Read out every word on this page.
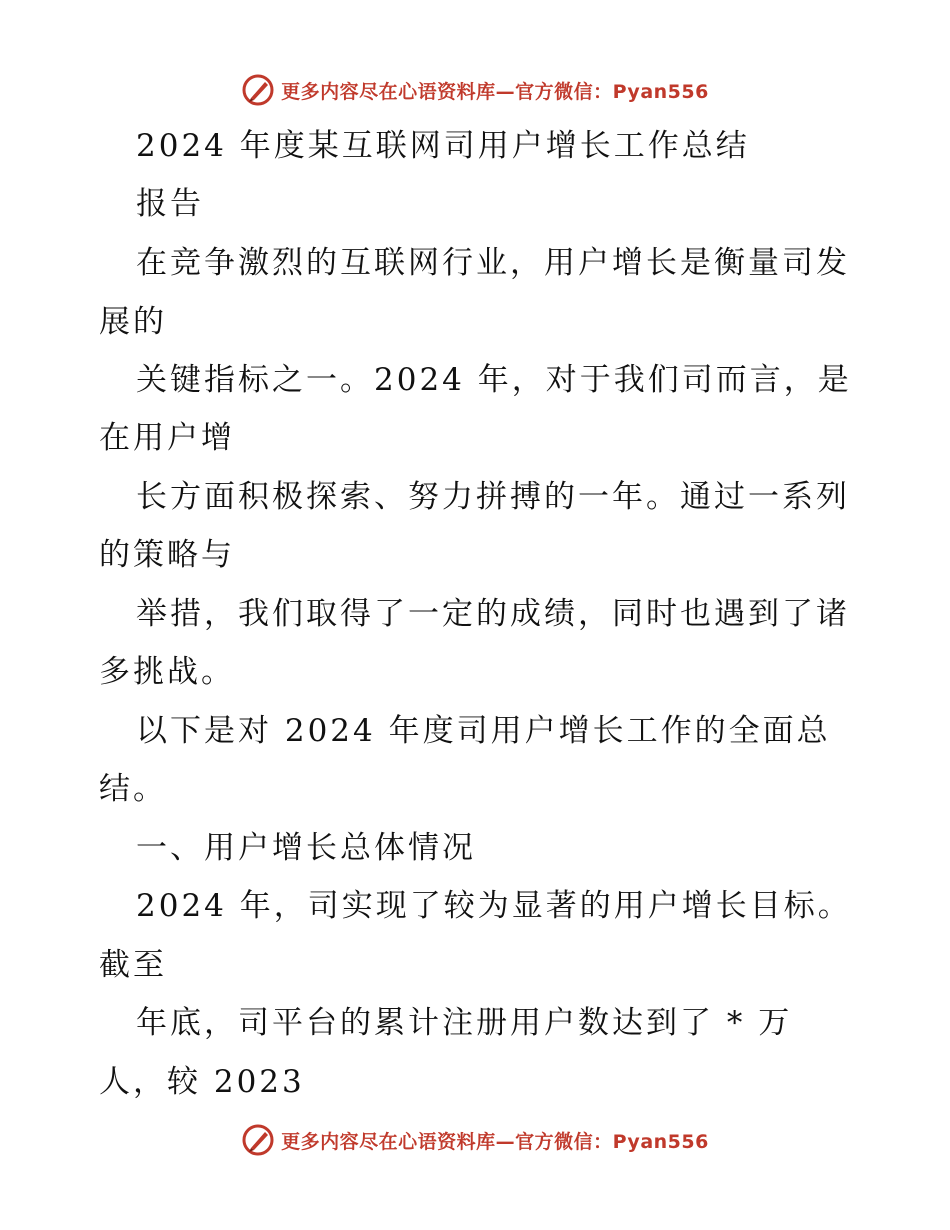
更多内容尽在心语资料库—官方微信：Pyan556
2024 年度某互联网司用户增长工作总结
报告
在竞争激烈的互联网行业，用户增长是衡量司发
展的
关键指标之一。2024 年，对于我们司而言，是
在用户增
长方面积极探索、努力拼搏的一年。通过一系列
的策略与
举措，我们取得了一定的成绩，同时也遇到了诸
多挑战。
以下是对 2024 年度司用户增长工作的全面总
结。
一、用户增长总体情况
2024 年，司实现了较为显著的用户增长目标。
截至
年底，司平台的累计注册用户数达到了 * 万
人，较 2023
更多内容尽在心语资料库—官方微信：Pyan556
